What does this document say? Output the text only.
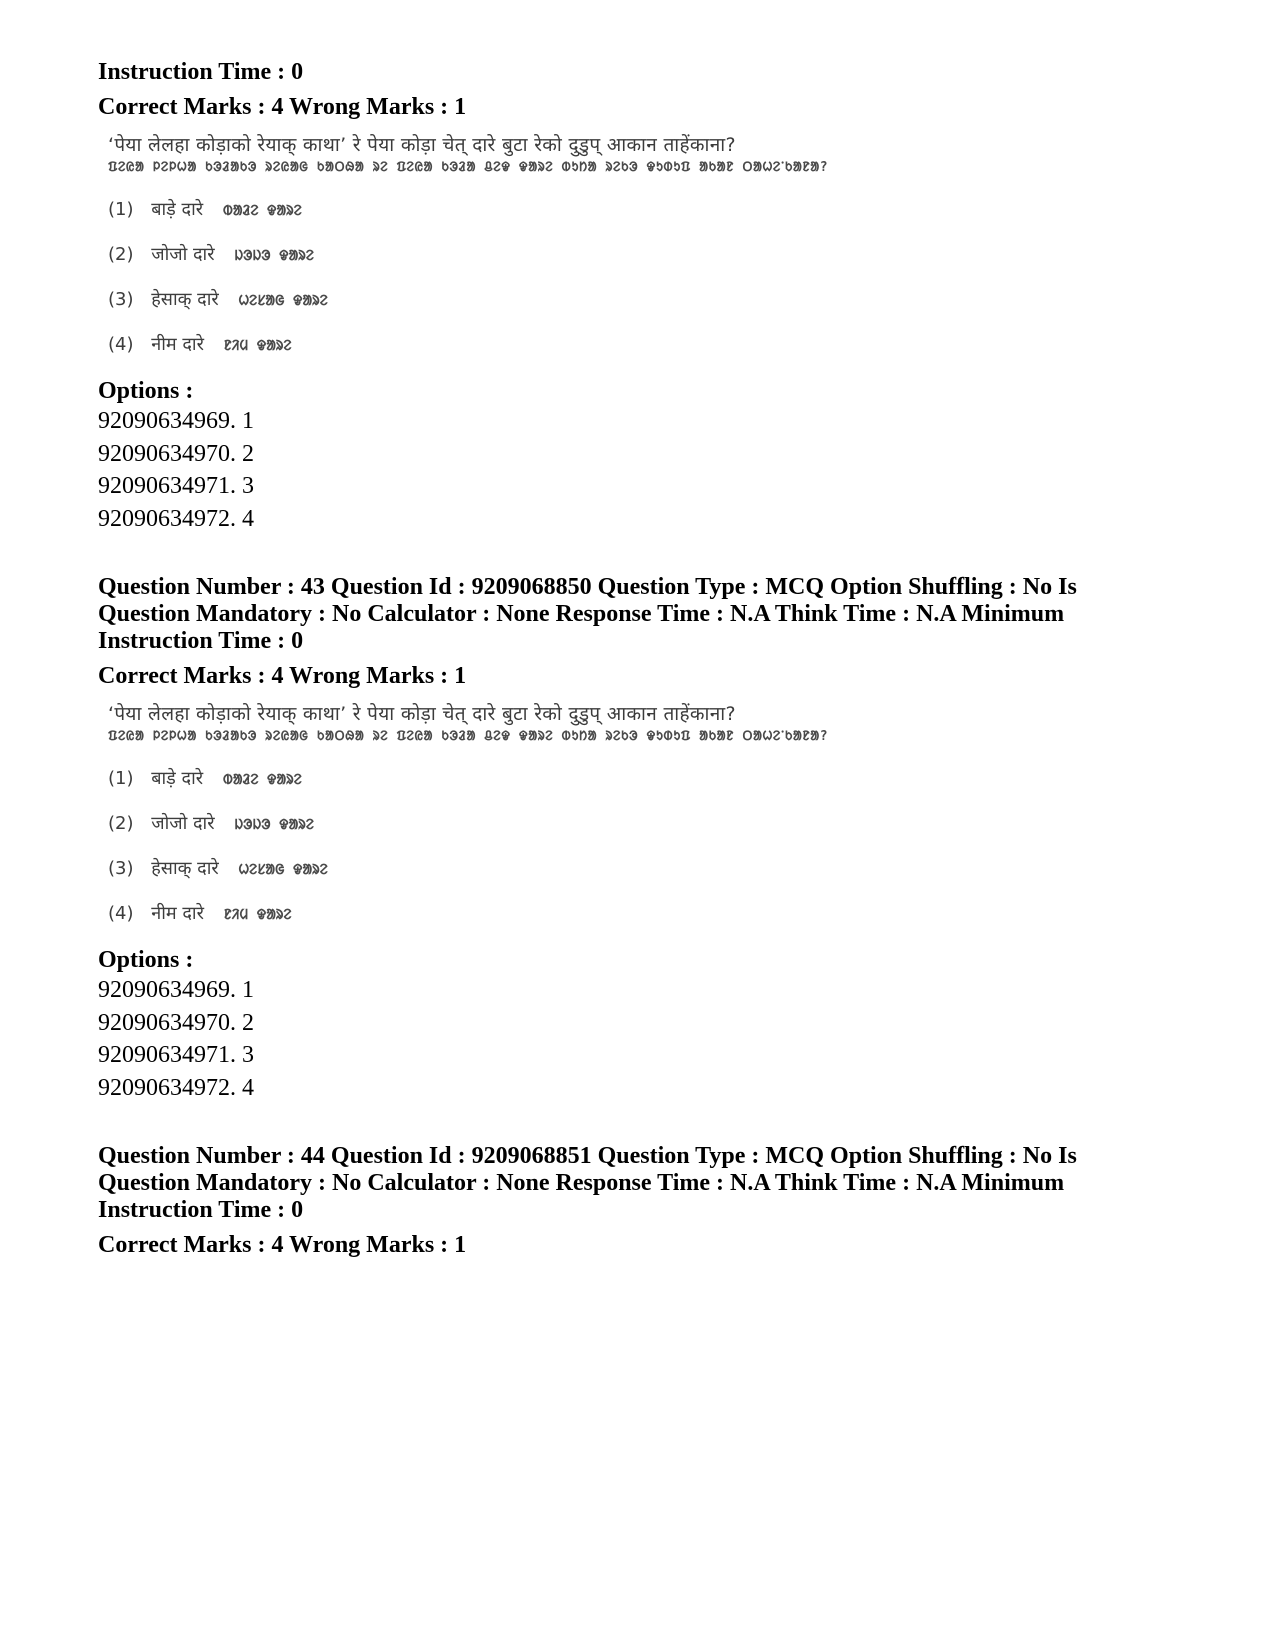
Instruction Time : 0
Correct Marks : 4 Wrong Marks : 1
‘पेया लेलहा कोड़ाको रेयाक् काथा’ रे पेया कोड़ा चेत् दारे बुटा रेको दुडुप् आकान ताहेंकाना?
ᱯᱮᱭᱟ ᱞᱮᱞᱦᱟ ᱠᱳᱲᱟᱠᱳ ᱨᱮᱭᱟᱜ ᱠᱟᱛᱷᱟ ᱨᱮ ᱯᱮᱭᱟ ᱠᱳᱲᱟ ᱪᱮᱫ ᱫᱟᱨᱮ ᱵᱩᱴᱟ ᱨᱮᱠᱳ ᱫᱩᱰᱩᱯ ᱟᱠᱟᱱ ᱛᱟᱦᱮᱸᱠᱟᱱᱟ?
(1) बाड़े दारे ᱵᱟᱲᱮ ᱫᱟᱨᱮ
(2) जोजो दारे ᱡᱳᱡᱳ ᱫᱟᱨᱮ
(3) हेसाक् दारे ᱦᱮᱥᱟᱜ ᱫᱟᱨᱮ
(4) नीम दारे ᱱᱤᱢ ᱫᱟᱨᱮ
Options :
92090634969. 1
92090634970. 2
92090634971. 3
92090634972. 4
Question Number : 43 Question Id : 9209068850 Question Type : MCQ Option Shuffling : No Is
Question Mandatory : No Calculator : None Response Time : N.A Think Time : N.A Minimum
Instruction Time : 0
Correct Marks : 4 Wrong Marks : 1
‘पेया लेलहा कोड़ाको रेयाक् काथा’ रे पेया कोड़ा चेत् दारे बुटा रेको दुडुप् आकान ताहेंकाना?
ᱯᱮᱭᱟ ᱞᱮᱞᱦᱟ ᱠᱳᱲᱟᱠᱳ ᱨᱮᱭᱟᱜ ᱠᱟᱛᱷᱟ ᱨᱮ ᱯᱮᱭᱟ ᱠᱳᱲᱟ ᱪᱮᱫ ᱫᱟᱨᱮ ᱵᱩᱴᱟ ᱨᱮᱠᱳ ᱫᱩᱰᱩᱯ ᱟᱠᱟᱱ ᱛᱟᱦᱮᱸᱠᱟᱱᱟ?
(1) बाड़े दारे ᱵᱟᱲᱮ ᱫᱟᱨᱮ
(2) जोजो दारे ᱡᱳᱡᱳ ᱫᱟᱨᱮ
(3) हेसाक् दारे ᱦᱮᱥᱟᱜ ᱫᱟᱨᱮ
(4) नीम दारे ᱱᱤᱢ ᱫᱟᱨᱮ
Options :
92090634969. 1
92090634970. 2
92090634971. 3
92090634972. 4
Question Number : 44 Question Id : 9209068851 Question Type : MCQ Option Shuffling : No Is
Question Mandatory : No Calculator : None Response Time : N.A Think Time : N.A Minimum
Instruction Time : 0
Correct Marks : 4 Wrong Marks : 1
